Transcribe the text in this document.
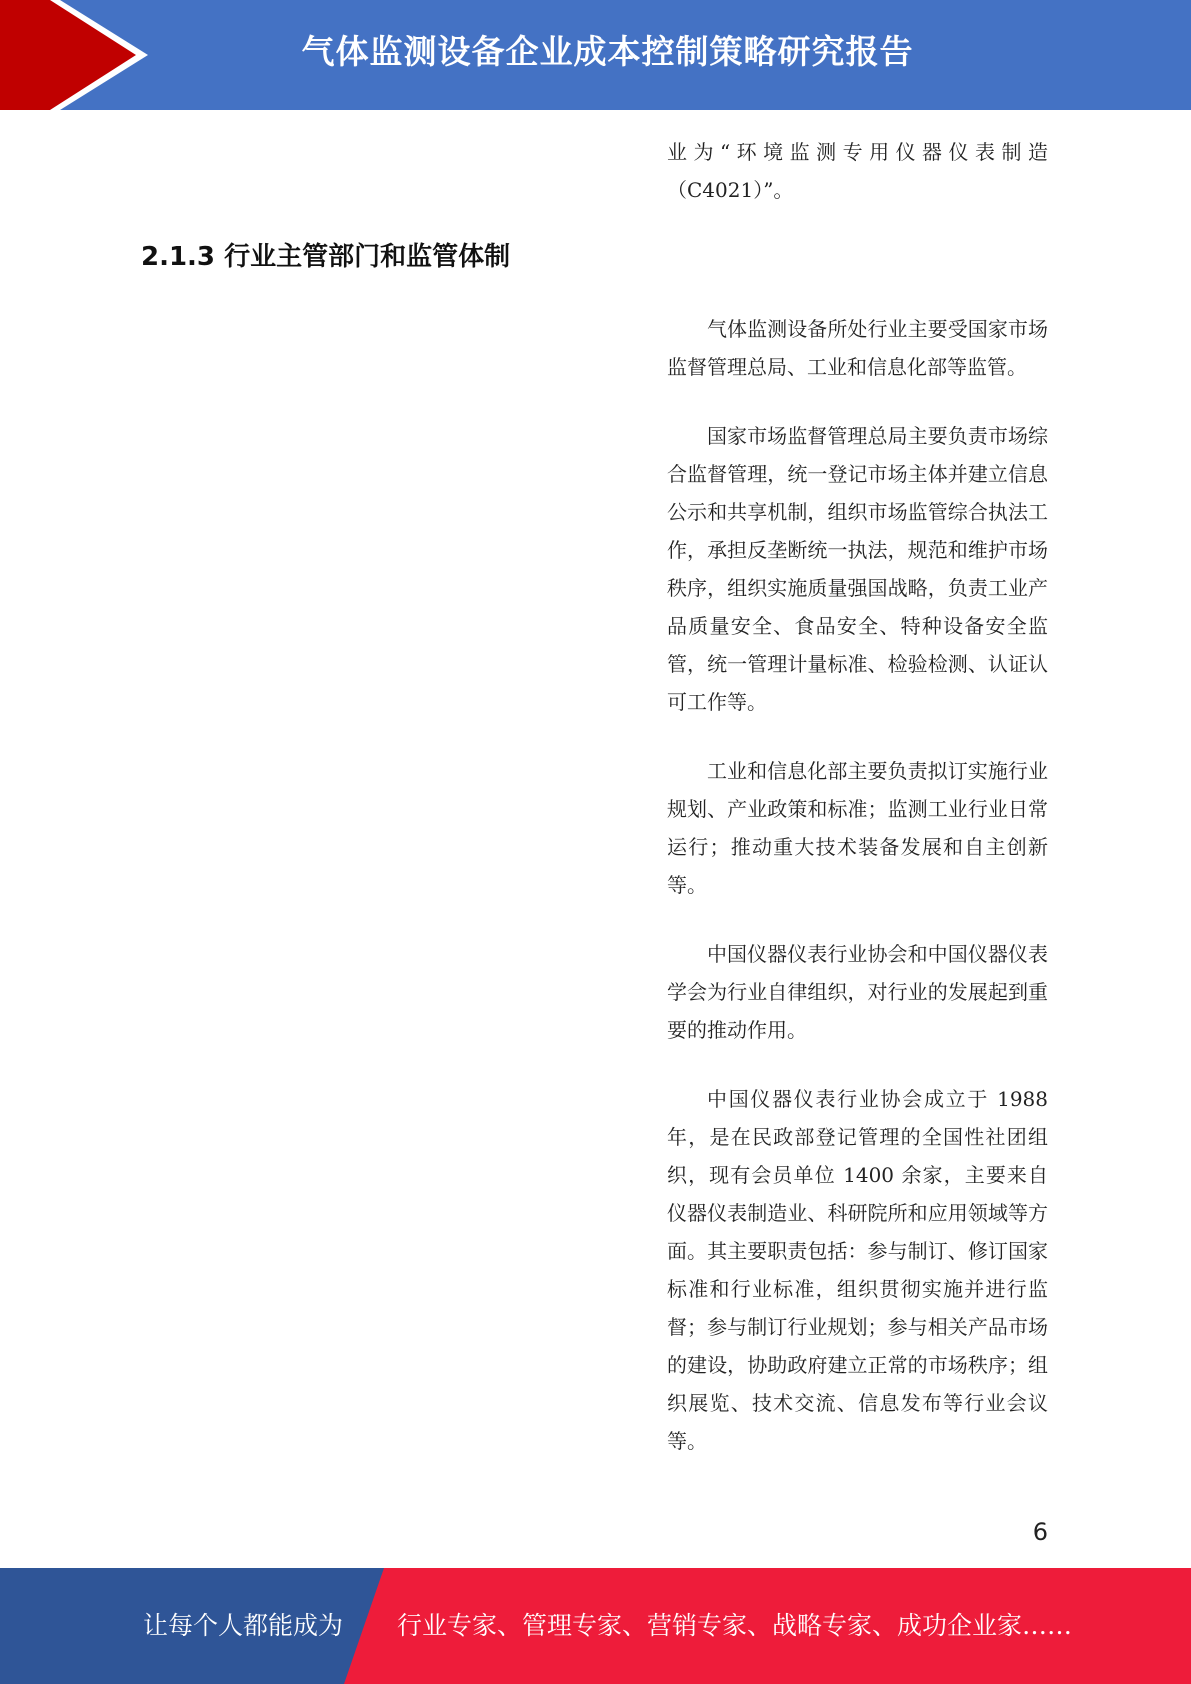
气体监测设备企业成本控制策略研究报告

业为“环境监测专用仪器仪表制造（C4021）”。

2.1.3 行业主管部门和监管体制

气体监测设备所处行业主要受国家市场监督管理总局、工业和信息化部等监管。

国家市场监督管理总局主要负责市场综合监督管理，统一登记市场主体并建立信息公示和共享机制，组织市场监管综合执法工作，承担反垄断统一执法，规范和维护市场秩序，组织实施质量强国战略，负责工业产品质量安全、食品安全、特种设备安全监管，统一管理计量标准、检验检测、认证认可工作等。

工业和信息化部主要负责拟订实施行业规划、产业政策和标准；监测工业行业日常运行；推动重大技术装备发展和自主创新等。

中国仪器仪表行业协会和中国仪器仪表学会为行业自律组织，对行业的发展起到重要的推动作用。

中国仪器仪表行业协会成立于 1988 年，是在民政部登记管理的全国性社团组织，现有会员单位 1400 余家，主要来自仪器仪表制造业、科研院所和应用领域等方面。其主要职责包括：参与制订、修订国家标准和行业标准，组织贯彻实施并进行监督；参与制订行业规划；参与相关产品市场的建设，协助政府建立正常的市场秩序；组织展览、技术交流、信息发布等行业会议等。

6
让每个人都能成为 行业专家、管理专家、营销专家、战略专家、成功企业家……
